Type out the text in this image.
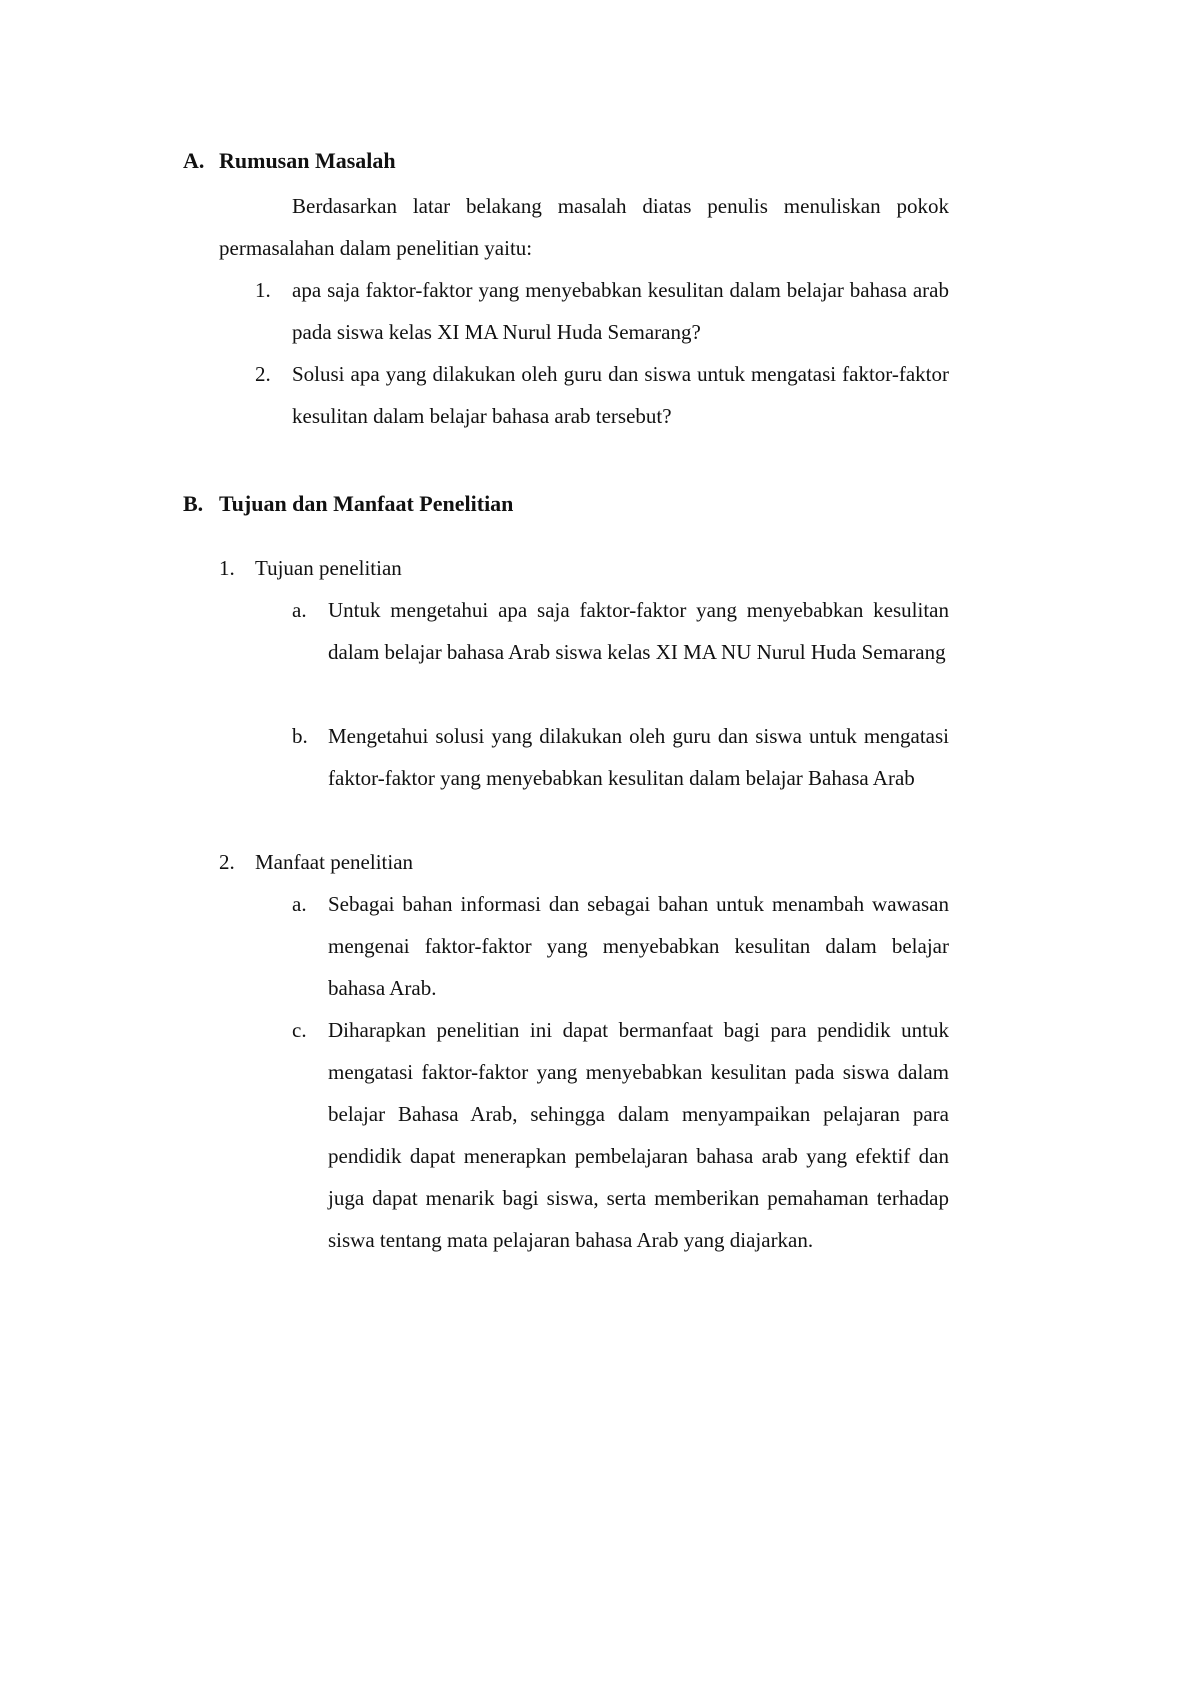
A. Rumusan Masalah
Berdasarkan latar belakang masalah diatas penulis menuliskan pokok permasalahan dalam penelitian yaitu:
1. apa saja faktor-faktor yang menyebabkan kesulitan dalam belajar bahasa arab pada siswa kelas XI MA Nurul Huda Semarang?
2. Solusi apa yang dilakukan oleh guru dan siswa untuk mengatasi faktor-faktor kesulitan dalam belajar bahasa arab tersebut?
B. Tujuan dan Manfaat Penelitian
1. Tujuan penelitian
a. Untuk mengetahui apa saja faktor-faktor yang menyebabkan kesulitan dalam belajar bahasa Arab siswa kelas XI MA NU Nurul Huda Semarang
b. Mengetahui solusi yang dilakukan oleh guru dan siswa untuk mengatasi faktor-faktor yang menyebabkan kesulitan dalam belajar Bahasa Arab
2. Manfaat penelitian
a. Sebagai bahan informasi dan sebagai bahan untuk menambah wawasan mengenai faktor-faktor yang menyebabkan kesulitan dalam belajar bahasa Arab.
c. Diharapkan penelitian ini dapat bermanfaat bagi para pendidik untuk mengatasi faktor-faktor yang menyebabkan kesulitan pada siswa dalam belajar Bahasa Arab, sehingga dalam menyampaikan pelajaran para pendidik dapat menerapkan pembelajaran bahasa arab yang efektif dan juga dapat menarik bagi siswa, serta memberikan pemahaman terhadap siswa tentang mata pelajaran bahasa Arab yang diajarkan.
